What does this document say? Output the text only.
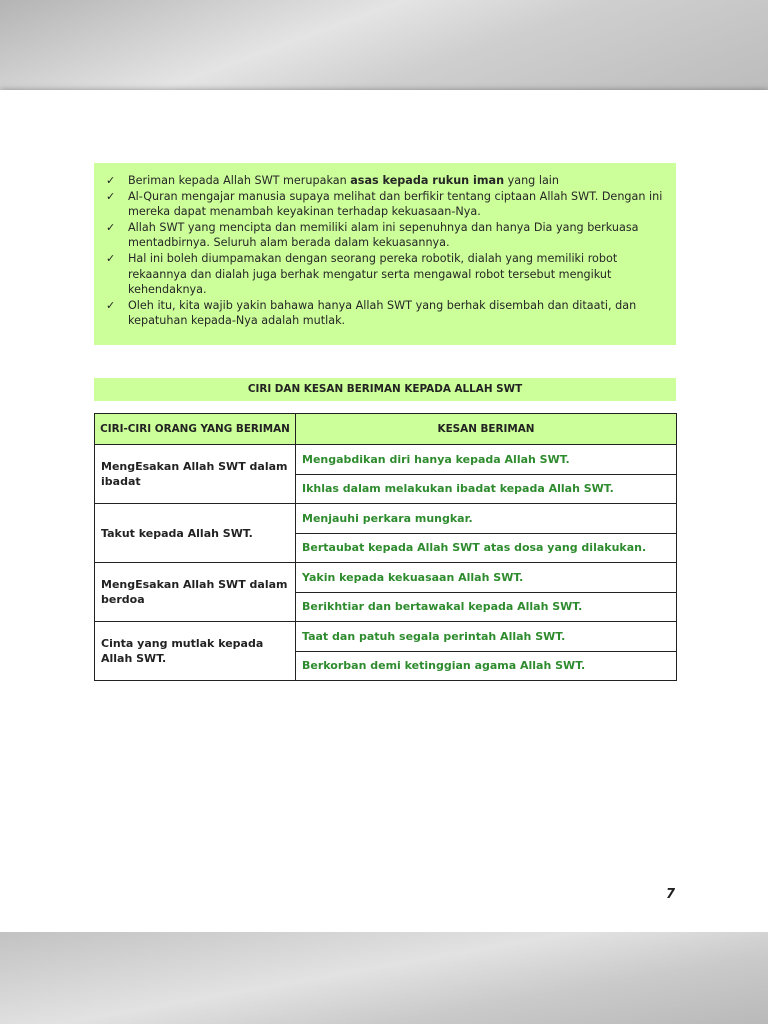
✓ Beriman kepada Allah SWT merupakan asas kepada rukun iman yang lain
✓ Al-Quran mengajar manusia supaya melihat dan berfikir tentang ciptaan Allah SWT. Dengan ini mereka dapat menambah keyakinan terhadap kekuasaan-Nya.
✓ Allah SWT yang mencipta dan memiliki alam ini sepenuhnya dan hanya Dia yang berkuasa mentadbirnya. Seluruh alam berada dalam kekuasannya.
✓ Hal ini boleh diumpamakan dengan seorang pereka robotik, dialah yang memiliki robot rekaannya dan dialah juga berhak mengatur serta mengawal robot tersebut mengikut kehendaknya.
✓ Oleh itu, kita wajib yakin bahawa hanya Allah SWT yang berhak disembah dan ditaati, dan kepatuhan kepada-Nya adalah mutlak.
CIRI DAN KESAN BERIMAN KEPADA ALLAH SWT
CIRI-CIRI ORANG YANG BERIMAN	KESAN BERIMAN
MengEsakan Allah SWT dalam ibadat	Mengabdikan diri hanya kepada Allah SWT.
	Ikhlas dalam melakukan ibadat kepada Allah SWT.
Takut kepada Allah SWT.	Menjauhi perkara mungkar.
	Bertaubat kepada Allah SWT atas dosa yang dilakukan.
MengEsakan Allah SWT dalam berdoa	Yakin kepada kekuasaan Allah SWT.
	Berikhtiar dan bertawakal kepada Allah SWT.
Cinta yang mutlak kepada Allah SWT.	Taat dan patuh segala perintah Allah SWT.
	Berkorban demi ketinggian agama Allah SWT.
7
